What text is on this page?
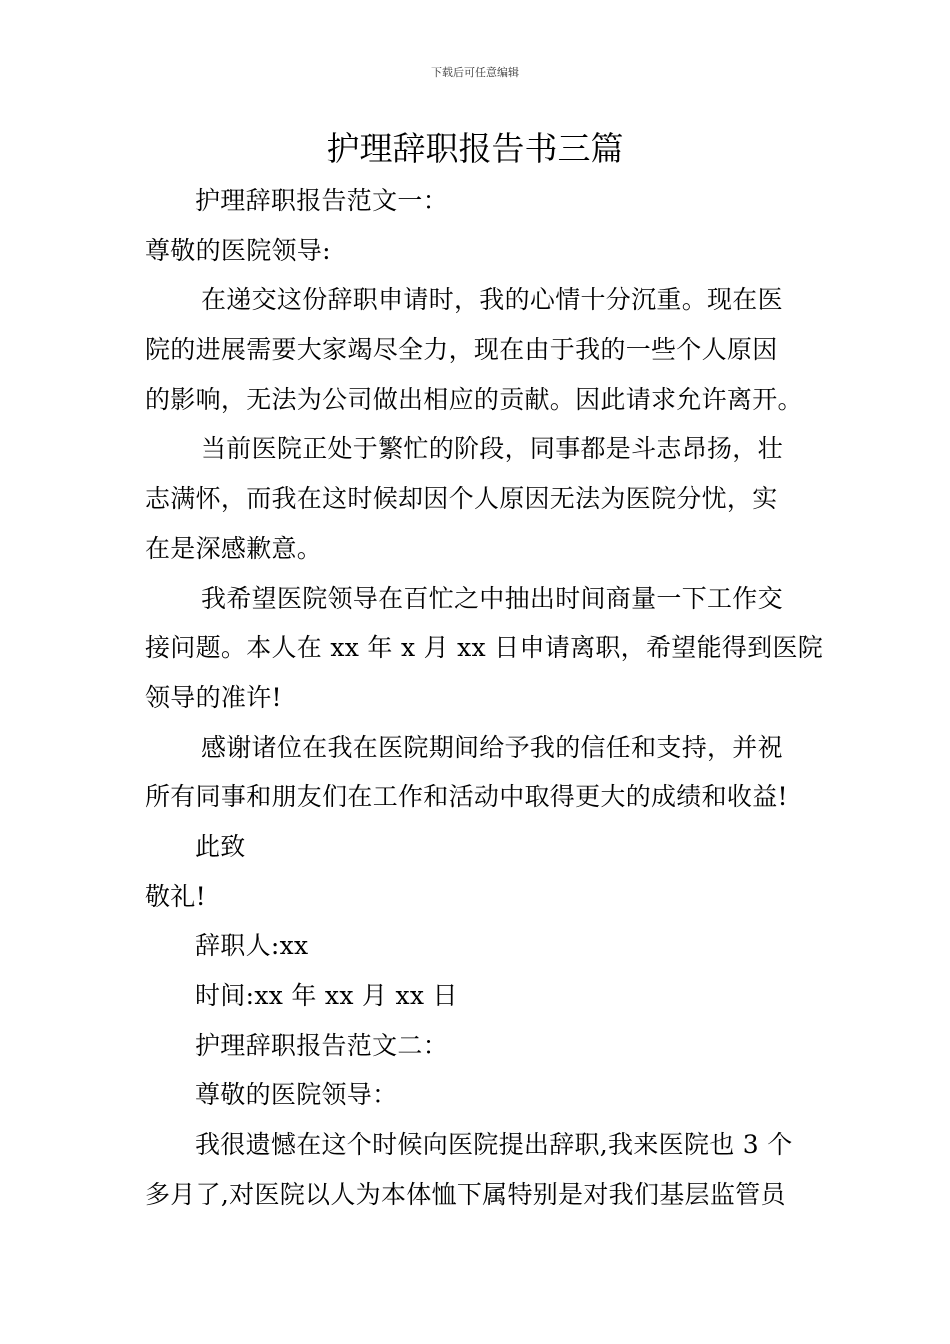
下载后可任意编辑
护理辞职报告书三篇
护理辞职报告范文一：
尊敬的医院领导:
在递交这份辞职申请时，我的心情十分沉重。现在医
院的进展需要大家竭尽全力，现在由于我的一些个人原因
的影响，无法为公司做出相应的贡献。因此请求允许离开。
当前医院正处于繁忙的阶段，同事都是斗志昂扬，壮
志满怀，而我在这时候却因个人原因无法为医院分忧，实
在是深感歉意。
我希望医院领导在百忙之中抽出时间商量一下工作交
接问题。本人在 xx 年 x 月 xx 日申请离职，希望能得到医院
领导的准许!
感谢诸位在我在医院期间给予我的信任和支持，并祝
所有同事和朋友们在工作和活动中取得更大的成绩和收益!
此致
敬礼!
辞职人:xx
时间:xx 年 xx 月 xx 日
护理辞职报告范文二：
尊敬的医院领导：
我很遗憾在这个时候向医院提出辞职,我来医院也 3 个
多月了,对医院以人为本体恤下属特别是对我们基层监管员
